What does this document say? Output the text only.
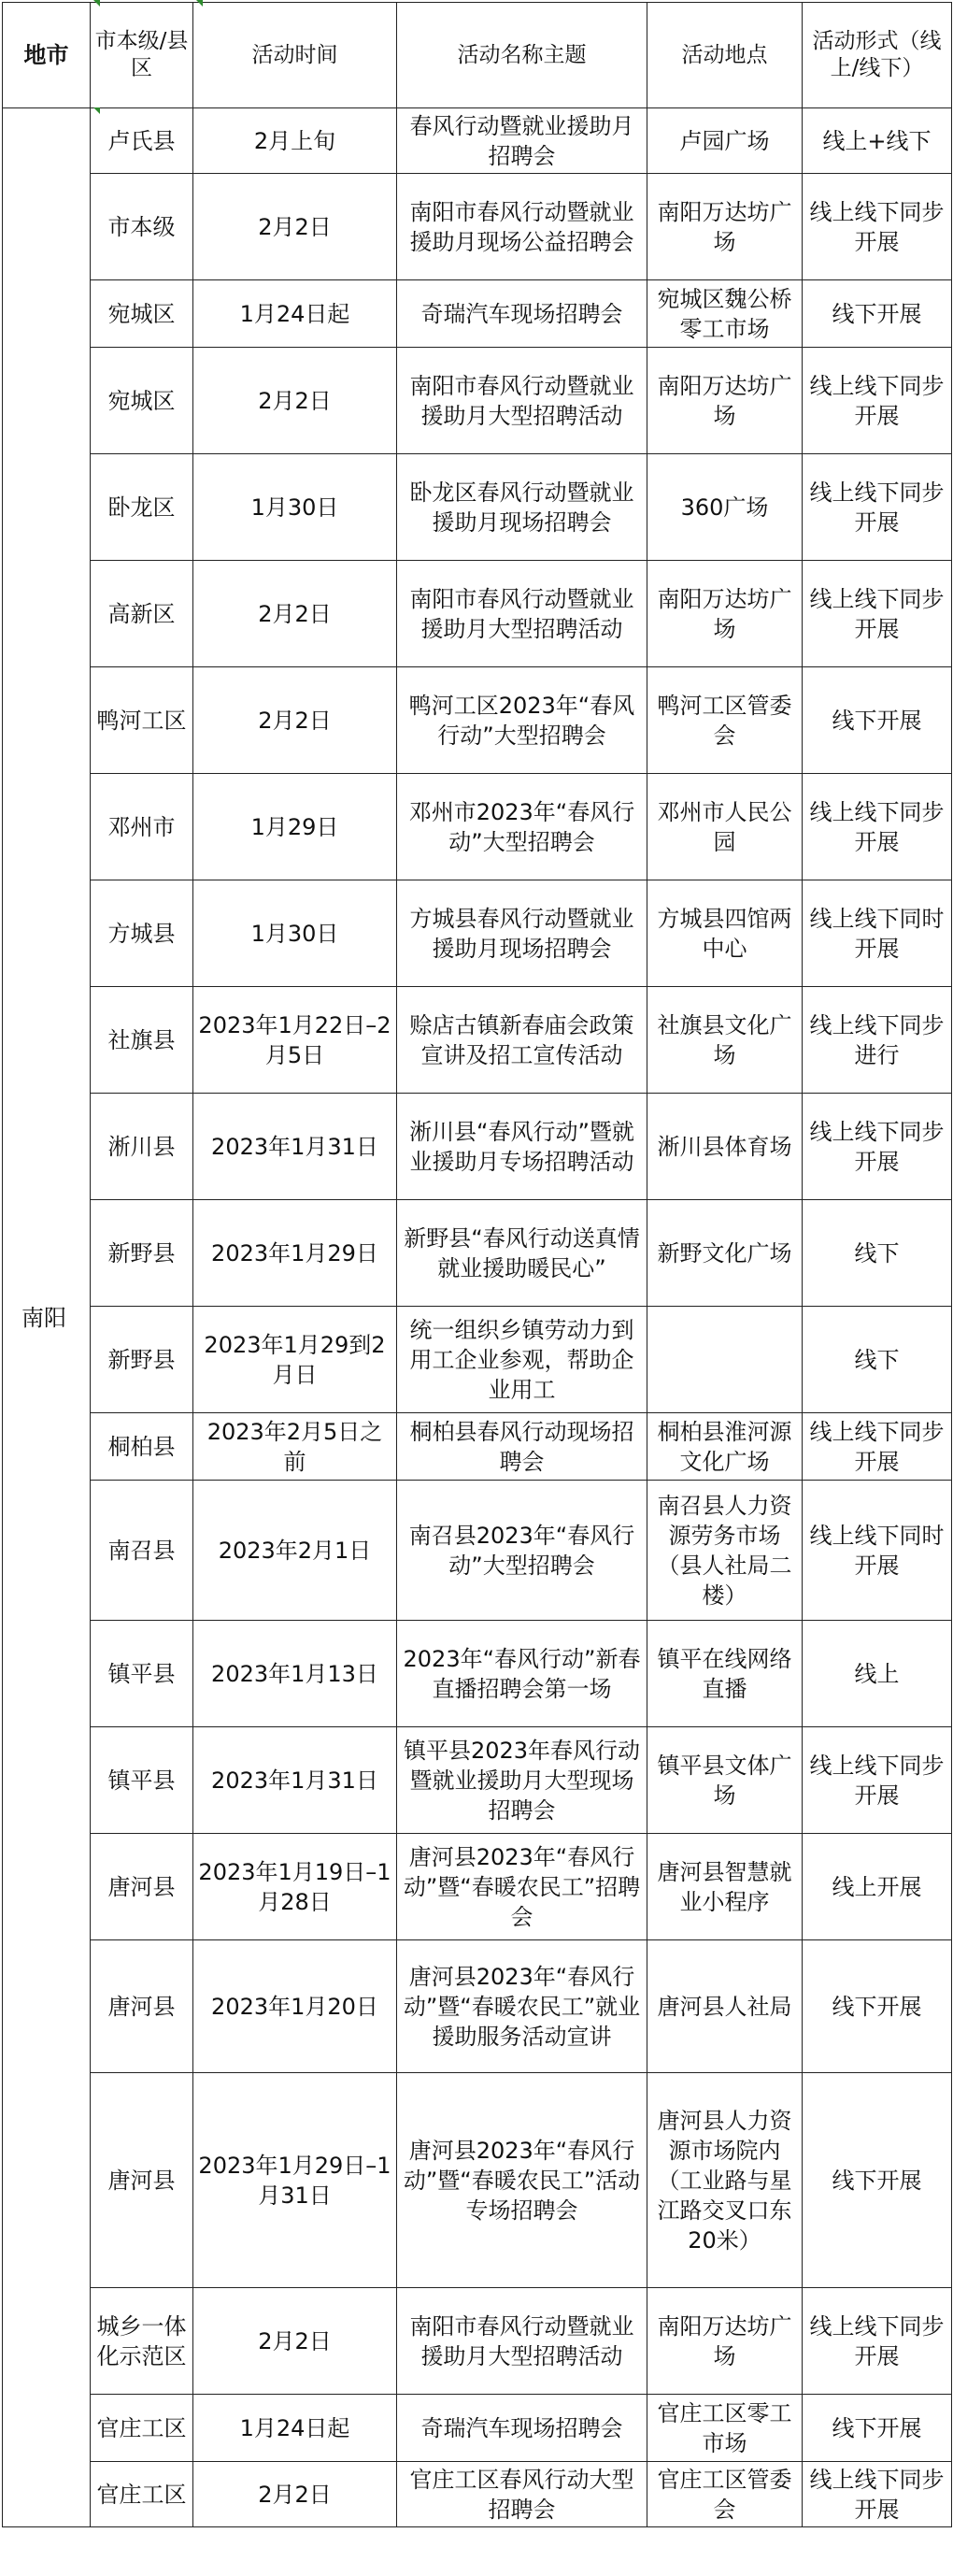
地市	市本级/县区	活动时间	活动名称主题	活动地点	活动形式（线上/线下）
南阳	卢氏县	2月上旬	春风行动暨就业援助月招聘会	卢园广场	线上+线下
	市本级	2月2日	南阳市春风行动暨就业援助月现场公益招聘会	南阳万达坊广场	线上线下同步开展
	宛城区	1月24日起	奇瑞汽车现场招聘会	宛城区魏公桥零工市场	线下开展
	宛城区	2月2日	南阳市春风行动暨就业援助月大型招聘活动	南阳万达坊广场	线上线下同步开展
	卧龙区	1月30日	卧龙区春风行动暨就业援助月现场招聘会	360广场	线上线下同步开展
	高新区	2月2日	南阳市春风行动暨就业援助月大型招聘活动	南阳万达坊广场	线上线下同步开展
	鸭河工区	2月2日	鸭河工区2023年“春风行动”大型招聘会	鸭河工区管委会	线下开展
	邓州市	1月29日	邓州市2023年“春风行动”大型招聘会	邓州市人民公园	线上线下同步开展
	方城县	1月30日	方城县春风行动暨就业援助月现场招聘会	方城县四馆两中心	线上线下同时开展
	社旗县	2023年1月22日–2月5日	赊店古镇新春庙会政策宣讲及招工宣传活动	社旗县文化广场	线上线下同步进行
	淅川县	2023年1月31日	淅川县“春风行动”暨就业援助月专场招聘活动	淅川县体育场	线上线下同步开展
	新野县	2023年1月29日	新野县“春风行动送真情 就业援助暖民心”	新野文化广场	线下
	新野县	2023年1月29到2月日	统一组织乡镇劳动力到用工企业参观，帮助企业用工		线下
	桐柏县	2023年2月5日之前	桐柏县春风行动现场招聘会	桐柏县淮河源文化广场	线上线下同步开展
	南召县	2023年2月1日	南召县2023年“春风行动”大型招聘会	南召县人力资源劳务市场（县人社局二楼）	线上线下同时开展
	镇平县	2023年1月13日	2023年“春风行动”新春直播招聘会第一场	镇平在线网络直播	线上
	镇平县	2023年1月31日	镇平县2023年春风行动暨就业援助月大型现场招聘会	镇平县文体广场	线上线下同步开展
	唐河县	2023年1月19日–1月28日	唐河县2023年“春风行动”暨“春暖农民工”招聘会	唐河县智慧就业小程序	线上开展
	唐河县	2023年1月20日	唐河县2023年“春风行动”暨“春暖农民工”就业援助服务活动宣讲	唐河县人社局	线下开展
	唐河县	2023年1月29日–1月31日	唐河县2023年“春风行动”暨“春暖农民工”活动专场招聘会	唐河县人力资源市场院内（工业路与星江路交叉口东20米）	线下开展
	城乡一体化示范区	2月2日	南阳市春风行动暨就业援助月大型招聘活动	南阳万达坊广场	线上线下同步开展
	官庄工区	1月24日起	奇瑞汽车现场招聘会	官庄工区零工市场	线下开展
	官庄工区	2月2日	官庄工区春风行动大型招聘会	官庄工区管委会	线上线下同步开展
